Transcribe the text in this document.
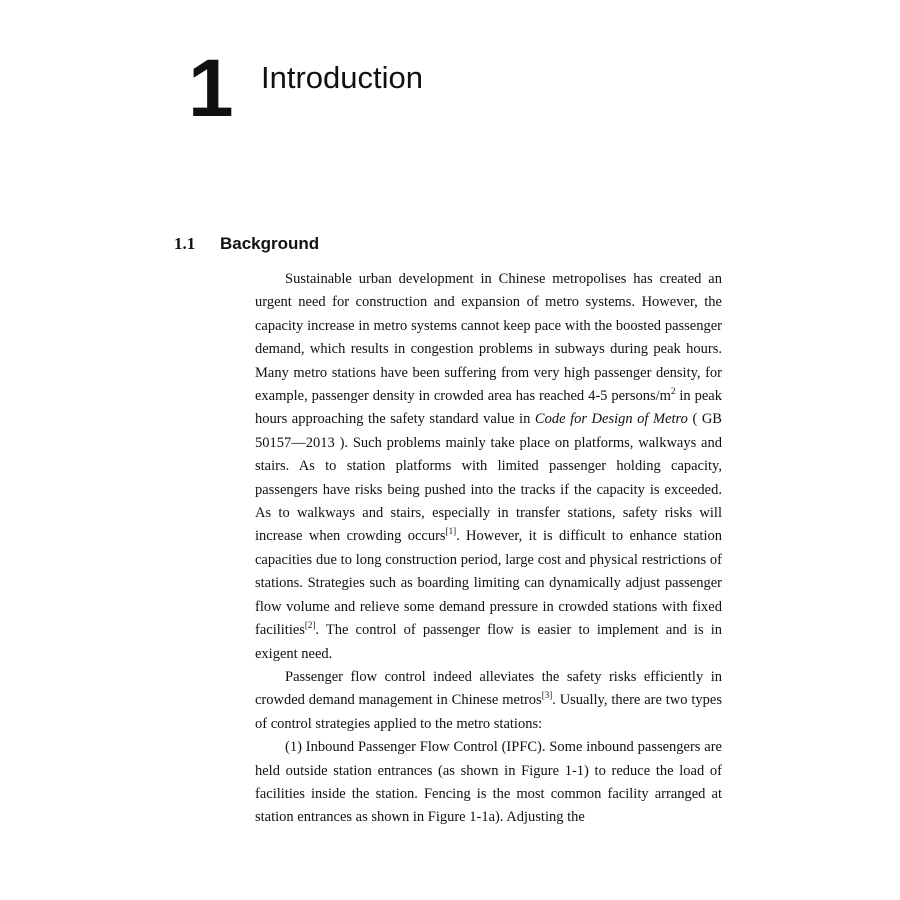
1 Introduction
1.1 Background

Sustainable urban development in Chinese metropolises has created an urgent need for construction and expansion of metro systems. However, the capacity increase in metro systems cannot keep pace with the boosted passenger demand, which results in congestion problems in subways during peak hours. Many metro stations have been suffering from very high passenger density, for example, passenger density in crowded area has reached 4-5 persons/$m^2$ in peak hours approaching the safety standard value in Code for Design of Metro ( GB 50157—2013 ). Such problems mainly take place on platforms, walkways and stairs. As to station platforms with limited passenger holding capacity, passengers have risks being pushed into the tracks if the capacity is exceeded. As to walkways and stairs, especially in transfer stations, safety risks will increase when crowding occurs[1]. However, it is difficult to enhance station capacities due to long construction period, large cost and physical restrictions of stations. Strategies such as boarding limiting can dynamically adjust passenger flow volume and relieve some demand pressure in crowded stations with fixed facilities[2]. The control of passenger flow is easier to implement and is in exigent need.

Passenger flow control indeed alleviates the safety risks efficiently in crowded demand management in Chinese metros[3]. Usually, there are two types of control strategies applied to the metro stations:

(1) Inbound Passenger Flow Control (IPFC). Some inbound passengers are held outside station entrances (as shown in Figure 1-1) to reduce the load of facilities inside the station. Fencing is the most common facility arranged at station entrances as shown in Figure 1-1a). Adjusting the
